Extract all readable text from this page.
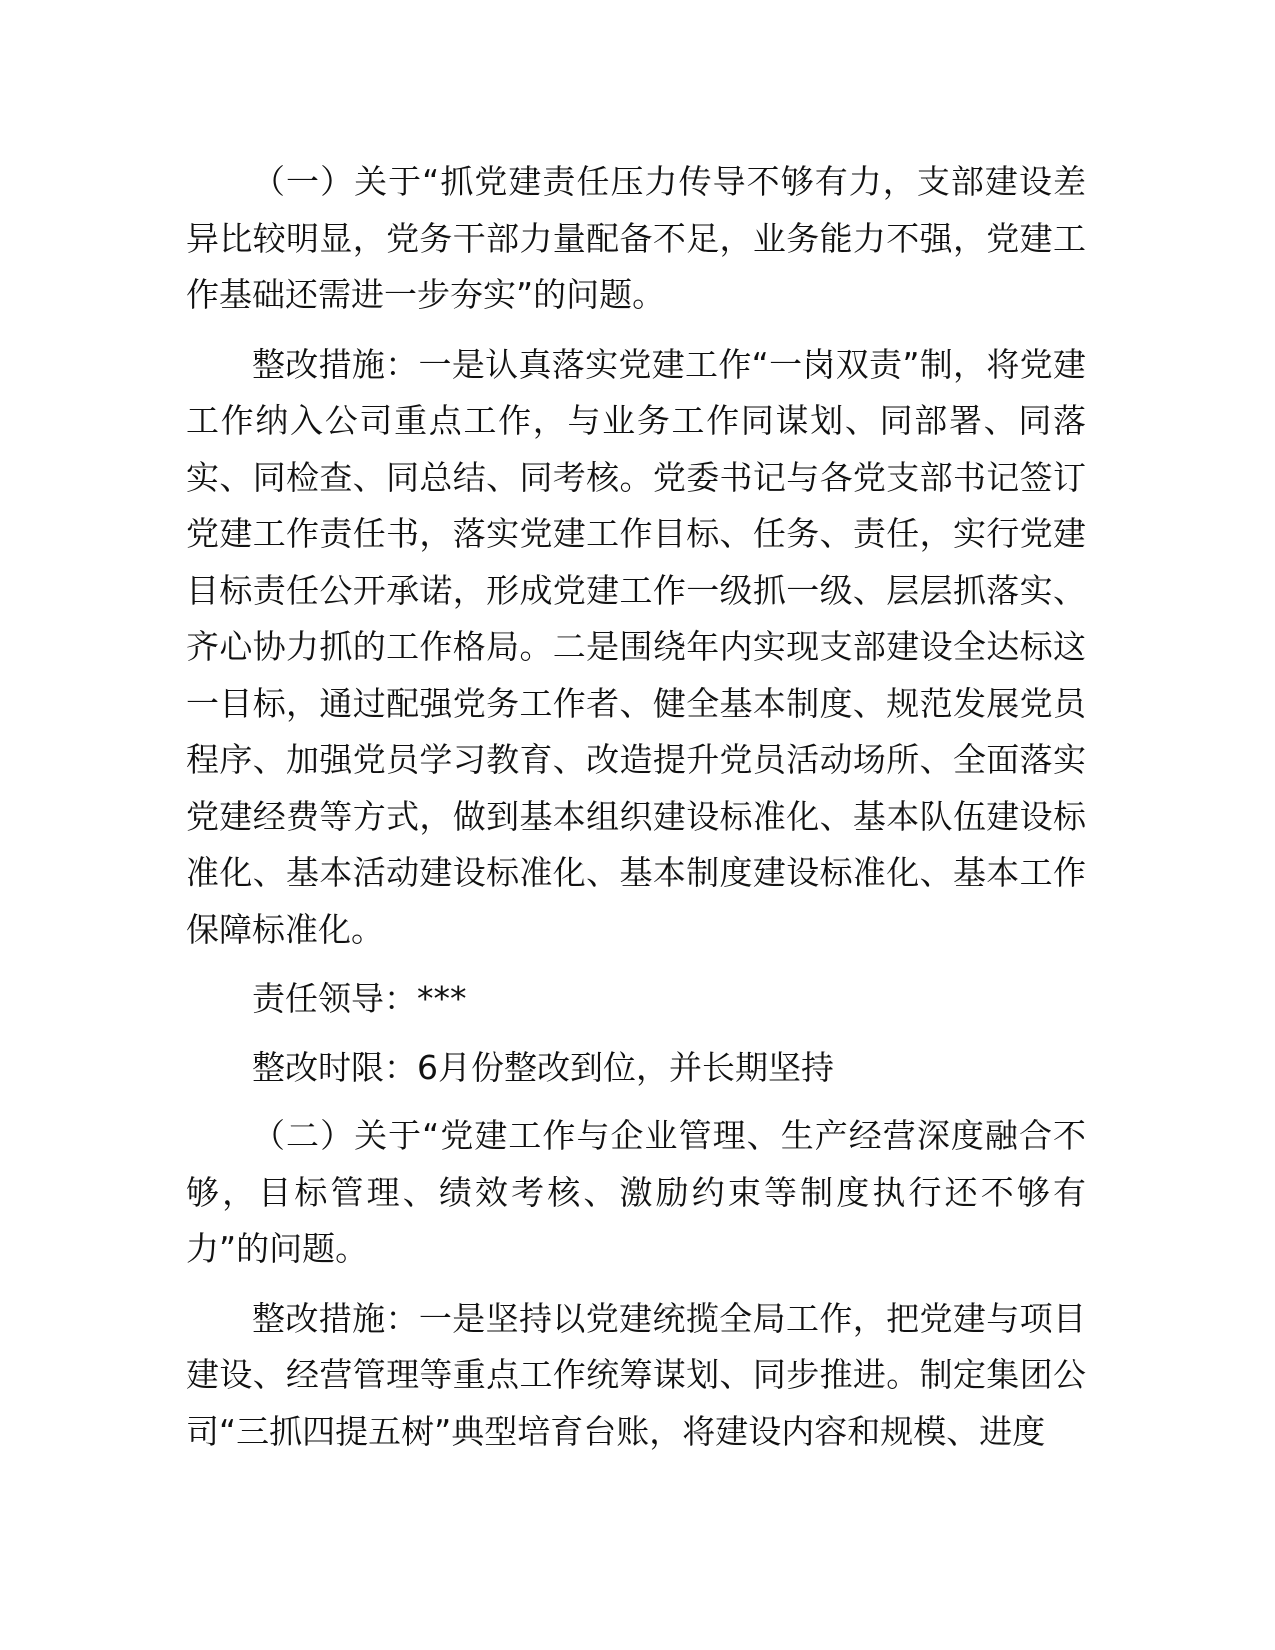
（一）关于“抓党建责任压力传导不够有力，支部建设差异比较明显，党务干部力量配备不足，业务能力不强，党建工作基础还需进一步夯实”的问题。

整改措施：一是认真落实党建工作“一岗双责”制，将党建工作纳入公司重点工作，与业务工作同谋划、同部署、同落实、同检查、同总结、同考核。党委书记与各党支部书记签订党建工作责任书，落实党建工作目标、任务、责任，实行党建目标责任公开承诺，形成党建工作一级抓一级、层层抓落实、齐心协力抓的工作格局。二是围绕年内实现支部建设全达标这一目标，通过配强党务工作者、健全基本制度、规范发展党员程序、加强党员学习教育、改造提升党员活动场所、全面落实党建经费等方式，做到基本组织建设标准化、基本队伍建设标准化、基本活动建设标准化、基本制度建设标准化、基本工作保障标准化。

责任领导：***

整改时限：6月份整改到位，并长期坚持

（二）关于“党建工作与企业管理、生产经营深度融合不够，目标管理、绩效考核、激励约束等制度执行还不够有力”的问题。

整改措施：一是坚持以党建统揽全局工作，把党建与项目建设、经营管理等重点工作统筹谋划、同步推进。制定集团公司“三抓四提五树”典型培育台账，将建设内容和规模、进度
